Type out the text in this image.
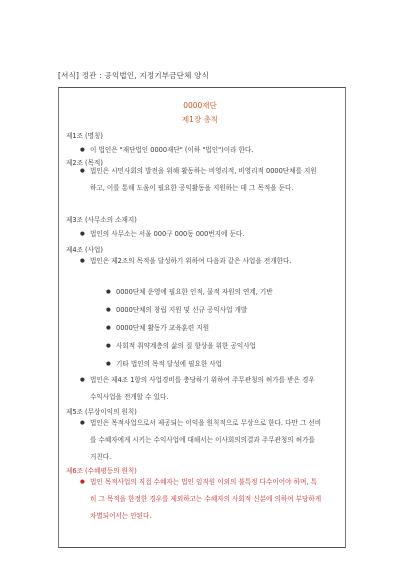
[서식] 정관 : 공익법인, 지정기부금단체 양식
0000재단
제1장 총칙
제1조 (명칭)
● 이 법인은 "재단법인 0000재단" (이하 "법인")이라 한다.
제2조 (목적)
● 법인은 시민사회의 발전을 위해 활동하는 비영리적, 비영리적 0000단체를 지원하고, 이를 통해 도움이 필요한 공익활동을 지원하는 데 그 목적을 둔다.
제3조 (사무소의 소재지)
● 법인의 사무소는 서울 000구 000동 000번지에 둔다.
제4조 (사업)
● 법인은 제2조의 목적을 달성하기 위하여 다음과 같은 사업을 전개한다.
● 0000단체 운영에 필요한 인적, 물적 자원의 연계, 기반
● 0000단체의 창립 지원 및 신규 공익사업 개발
● 0000단체 활동가 교육훈련 지원
● 사회적 취약계층의 삶의 질 향상을 위한 공익사업
● 기타 법인의 목적 달성에 필요한 사업
● 법인은 제4조 1항의 사업경비를 충당하기 위하여 주무관청의 허가를 받은 경우 수익사업을 전개할 수 있다.
제5조 (무상이익의 원칙)
● 법인은 목적사업으로서 제공되는 이익을 원칙적으로 무상으로 한다. 다만 그 선비를 수혜자에게 시키는 수익사업에 대해서는 이사회의의결과 주무관청의 허가를 거친다.
제6조 (수혜평등의 원칙)
● 법인 목적사업의 직접 수혜자는 법인 임직원 이외의 불특정 다수이어야 하며, 특히 그 목적을 한정한 경우를 제외하고는 수혜자의 사회적 신분에 의하여 부당하게 차별되어서는 안된다.
